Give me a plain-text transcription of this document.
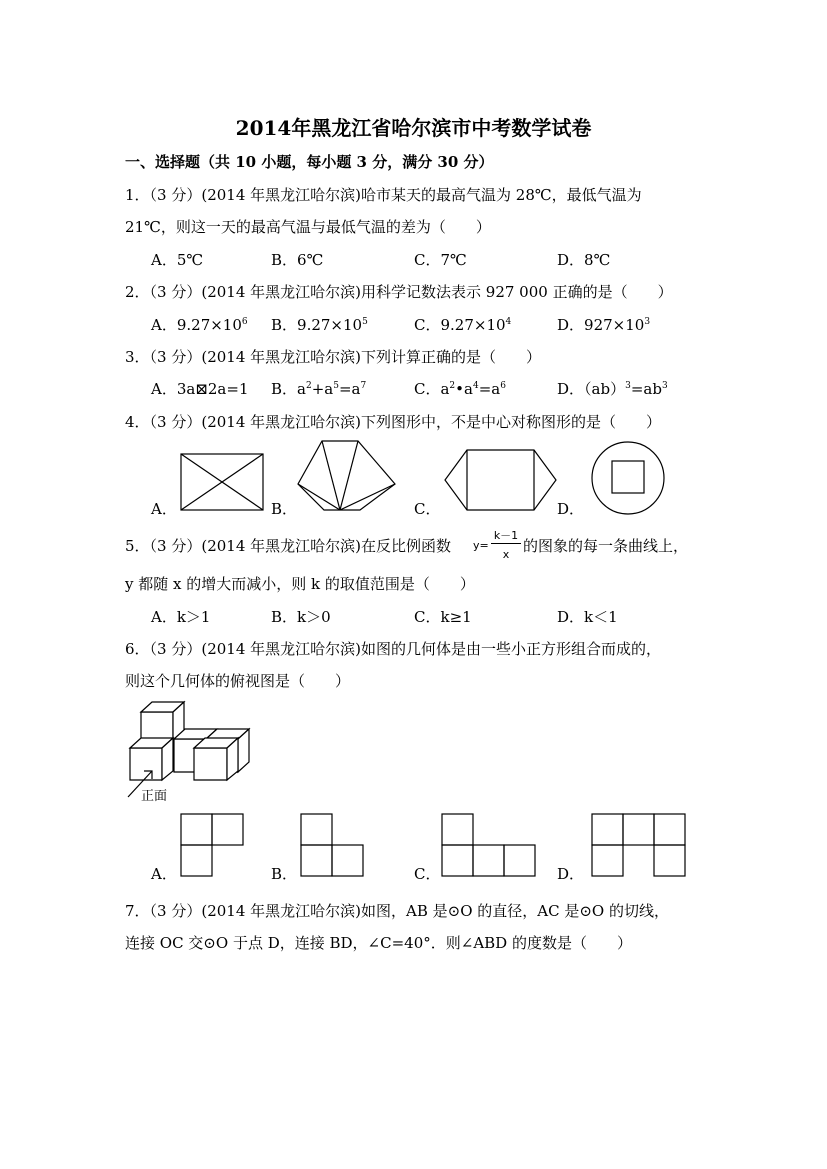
2014年黑龙江省哈尔滨市中考数学试卷
一、选择题（共 10 小题，每小题 3 分，满分 30 分）
1．（3 分）(2014 年黑龙江哈尔滨)哈市某天的最高气温为 28℃，最低气温为
21℃，则这一天的最高气温与最低气温的差为（　　）
A．5℃	B．6℃	C．7℃	D．8℃
2．（3 分）(2014 年黑龙江哈尔滨)用科学记数法表示 927 000 正确的是（　　）
A．$9.27\times 10^6$ B．$9.27\times 10^5$	C．$9.27\times 10^4$	D．$927\times 10^3$
3．（3 分）(2014 年黑龙江哈尔滨)下列计算正确的是（　　）
A．3a⊠2a=1 B．$a^2+a^5=a^7$	C．$a^2•a^4=a^6$	D．$(ab)^3=ab^3$
4．（3 分）(2014 年黑龙江哈尔滨)下列图形中，不是中心对称图形的是（　　）
A．	B．	C．	D．
5．（3 分）(2014 年黑龙江哈尔滨)在反比例函数 y=
k－1
x 的图象的每一条曲线上，
y 都随 x 的增大而减小，则 k 的取值范围是（　　）
A．k＞1	B．k＞0	C．k≥1	D．k＜1
6．（3 分）(2014 年黑龙江哈尔滨)如图的几何体是由一些小正方形组合而成的，
则这个几何体的俯视图是（　　）
正面
A．	B．	C．	D．
7．（3 分）(2014 年黑龙江哈尔滨)如图，AB 是⊙O 的直径，AC 是⊙O 的切线，
连接 OC 交⊙O 于点 D，连接 BD，∠C=40°．则∠ABD 的度数是（　　）
